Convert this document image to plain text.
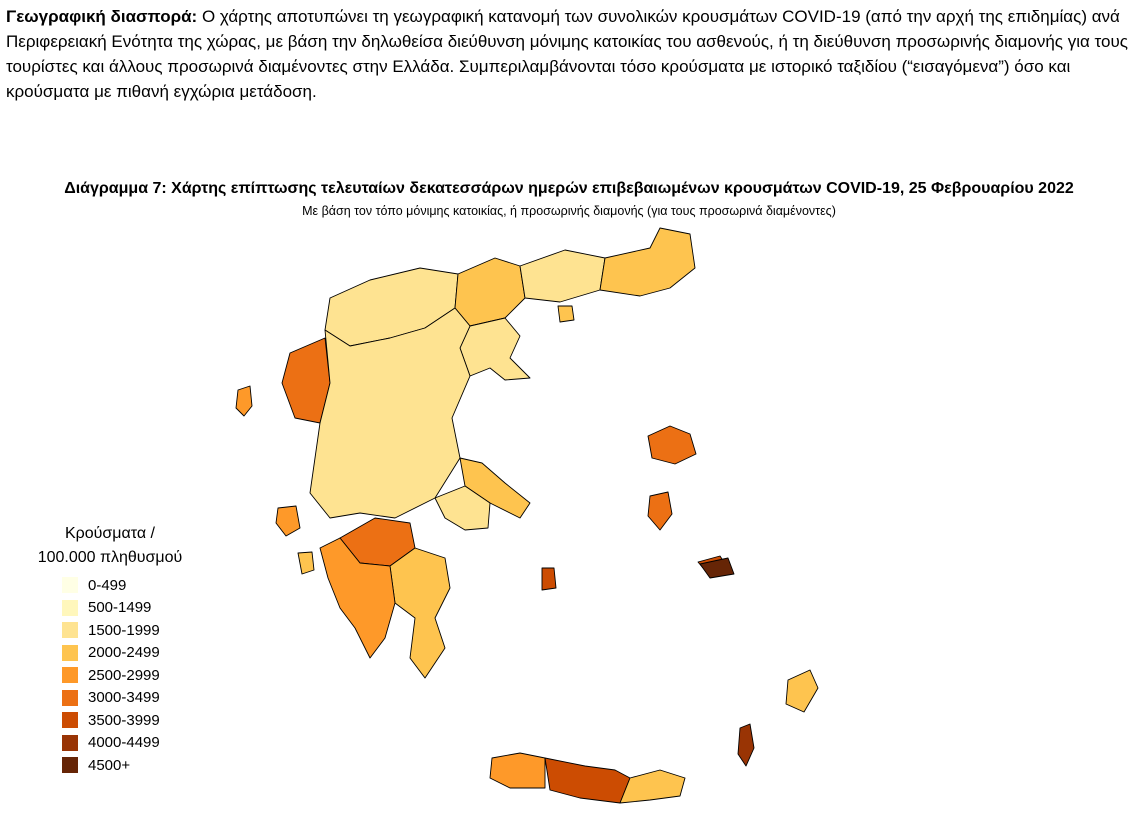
Γεωγραφική διασπορά: Ο χάρτης αποτυπώνει τη γεωγραφική κατανομή των συνολικών κρουσμάτων COVID-19 (από την αρχή της επιδημίας) ανά Περιφερειακή Ενότητα της χώρας, με βάση την δηλωθείσα διεύθυνση μόνιμης κατοικίας του ασθενούς, ή τη διεύθυνση προσωρινής διαμονής για τους τουρίστες και άλλους προσωρινά διαμένοντες στην Ελλάδα. Συμπεριλαμβάνονται τόσο κρούσματα με ιστορικό ταξιδίου (“εισαγόμενα”) όσο και κρούσματα με πιθανή εγχώρια μετάδοση.
Διάγραμμα 7: Χάρτης επίπτωσης τελευταίων δεκατεσσάρων ημερών επιβεβαιωμένων κρουσμάτων COVID-19, 25 Φεβρουαρίου 2022
Με βάση τον τόπο μόνιμης κατοικίας, ή προσωρινής διαμονής (για τους προσωρινά διαμένοντες)
Κρούσματα /
100.000 πληθυσμού
0-499
500-1499
1500-1999
2000-2499
2500-2999
3000-3499
3500-3999
4000-4499
4500+
